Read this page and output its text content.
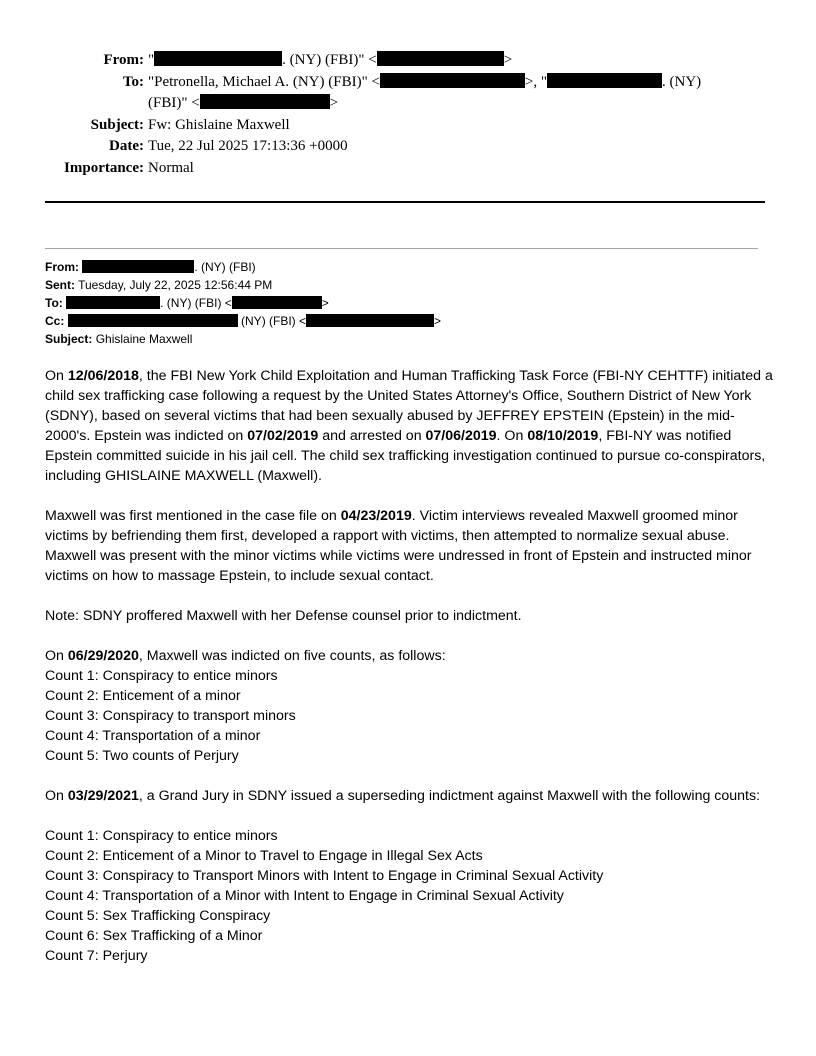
From: "	. (NY) (FBI)" <	>
To: "Petronella, Michael A. (NY) (FBI)" <	>, "	. (NY)
(FBI)" <	>
Subject: Fw: Ghislaine Maxwell
Date: Tue, 22 Jul 2025 17:13:36 +0000
Importance: Normal
From:	. (NY) (FBI)
Sent: Tuesday, July 22, 2025 12:56:44 PM
To:	. (NY) (FBI) <	>
Cc:	(NY) (FBI) <	>
Subject: Ghislaine Maxwell

On 12/06/2018, the FBI New York Child Exploitation and Human Trafficking Task Force (FBI-NY CEHTTF) initiated a child sex trafficking case following a request by the United States Attorney's Office, Southern District of New York (SDNY), based on several victims that had been sexually abused by JEFFREY EPSTEIN (Epstein) in the mid-2000's. Epstein was indicted on 07/02/2019 and arrested on 07/06/2019. On 08/10/2019, FBI-NY was notified Epstein committed suicide in his jail cell. The child sex trafficking investigation continued to pursue co-conspirators, including GHISLAINE MAXWELL (Maxwell).

Maxwell was first mentioned in the case file on 04/23/2019. Victim interviews revealed Maxwell groomed minor victims by befriending them first, developed a rapport with victims, then attempted to normalize sexual abuse. Maxwell was present with the minor victims while victims were undressed in front of Epstein and instructed minor victims on how to massage Epstein, to include sexual contact.

Note: SDNY proffered Maxwell with her Defense counsel prior to indictment.

On 06/29/2020, Maxwell was indicted on five counts, as follows:
Count 1: Conspiracy to entice minors
Count 2: Enticement of a minor
Count 3: Conspiracy to transport minors
Count 4: Transportation of a minor
Count 5: Two counts of Perjury

On 03/29/2021, a Grand Jury in SDNY issued a superseding indictment against Maxwell with the following counts:

Count 1: Conspiracy to entice minors
Count 2: Enticement of a Minor to Travel to Engage in Illegal Sex Acts
Count 3: Conspiracy to Transport Minors with Intent to Engage in Criminal Sexual Activity
Count 4: Transportation of a Minor with Intent to Engage in Criminal Sexual Activity
Count 5: Sex Trafficking Conspiracy
Count 6: Sex Trafficking of a Minor
Count 7: Perjury
